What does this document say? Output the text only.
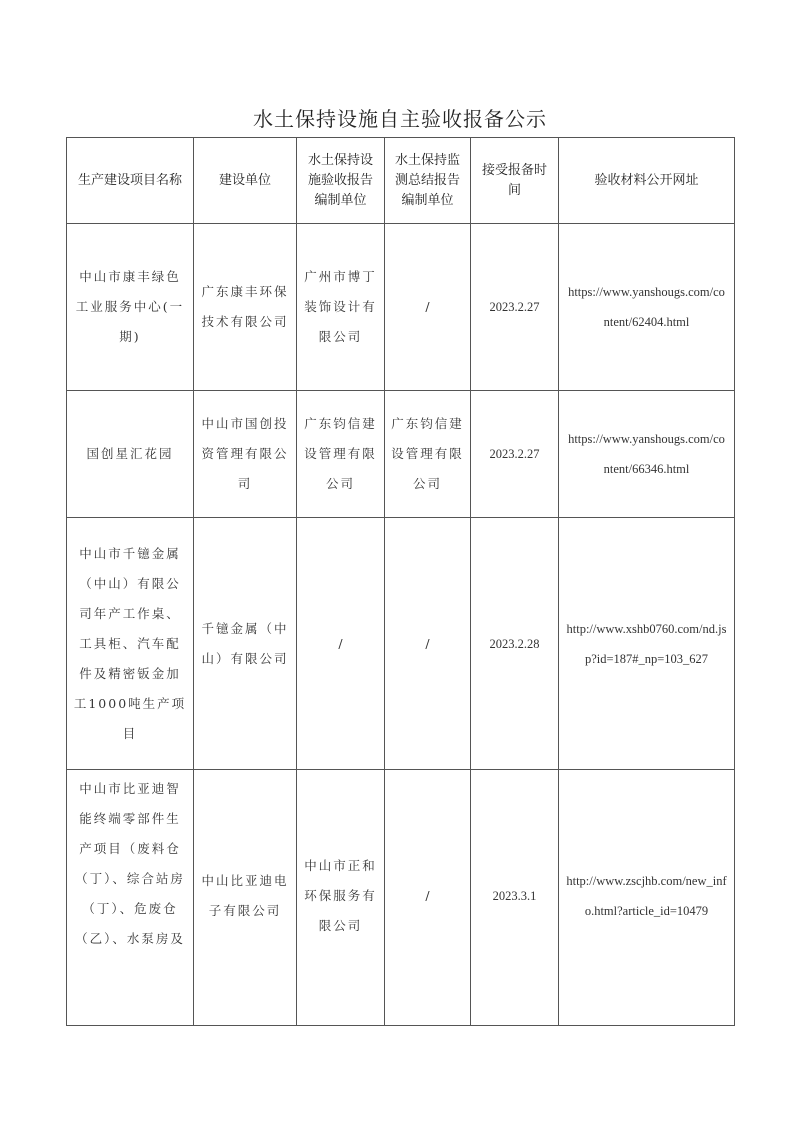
水土保持设施自主验收报备公示
生产建设项目名称	建设单位	水土保持设施验收报告编制单位	水土保持监测总结报告编制单位	接受报备时间	验收材料公开网址
中山市康丰绿色工业服务中心(一期)	广东康丰环保技术有限公司	广州市博丁装饰设计有限公司	/	2023.2.27	https://www.yanshougs.com/content/62404.html
国创星汇花园	中山市国创投资管理有限公司	广东钧信建设管理有限公司	广东钧信建设管理有限公司	2023.2.27	https://www.yanshougs.com/content/66346.html
中山市千镱金属（中山）有限公司年产工作桌、工具柜、汽车配件及精密钣金加工1000吨生产项目	千镱金属（中山）有限公司	/	/	2023.2.28	http://www.xshb0760.com/nd.jsp?id=187#_np=103_627

中山市比亚迪智能终端零部件生产项目（废料仓（丁）、综合站房（丁）、危废仓（乙）、水泵房及	中山比亚迪电子有限公司	中山市正和环保服务有限公司	/	2023.3.1	http://www.zscjhb.com/new_info.html?article_id=10479
